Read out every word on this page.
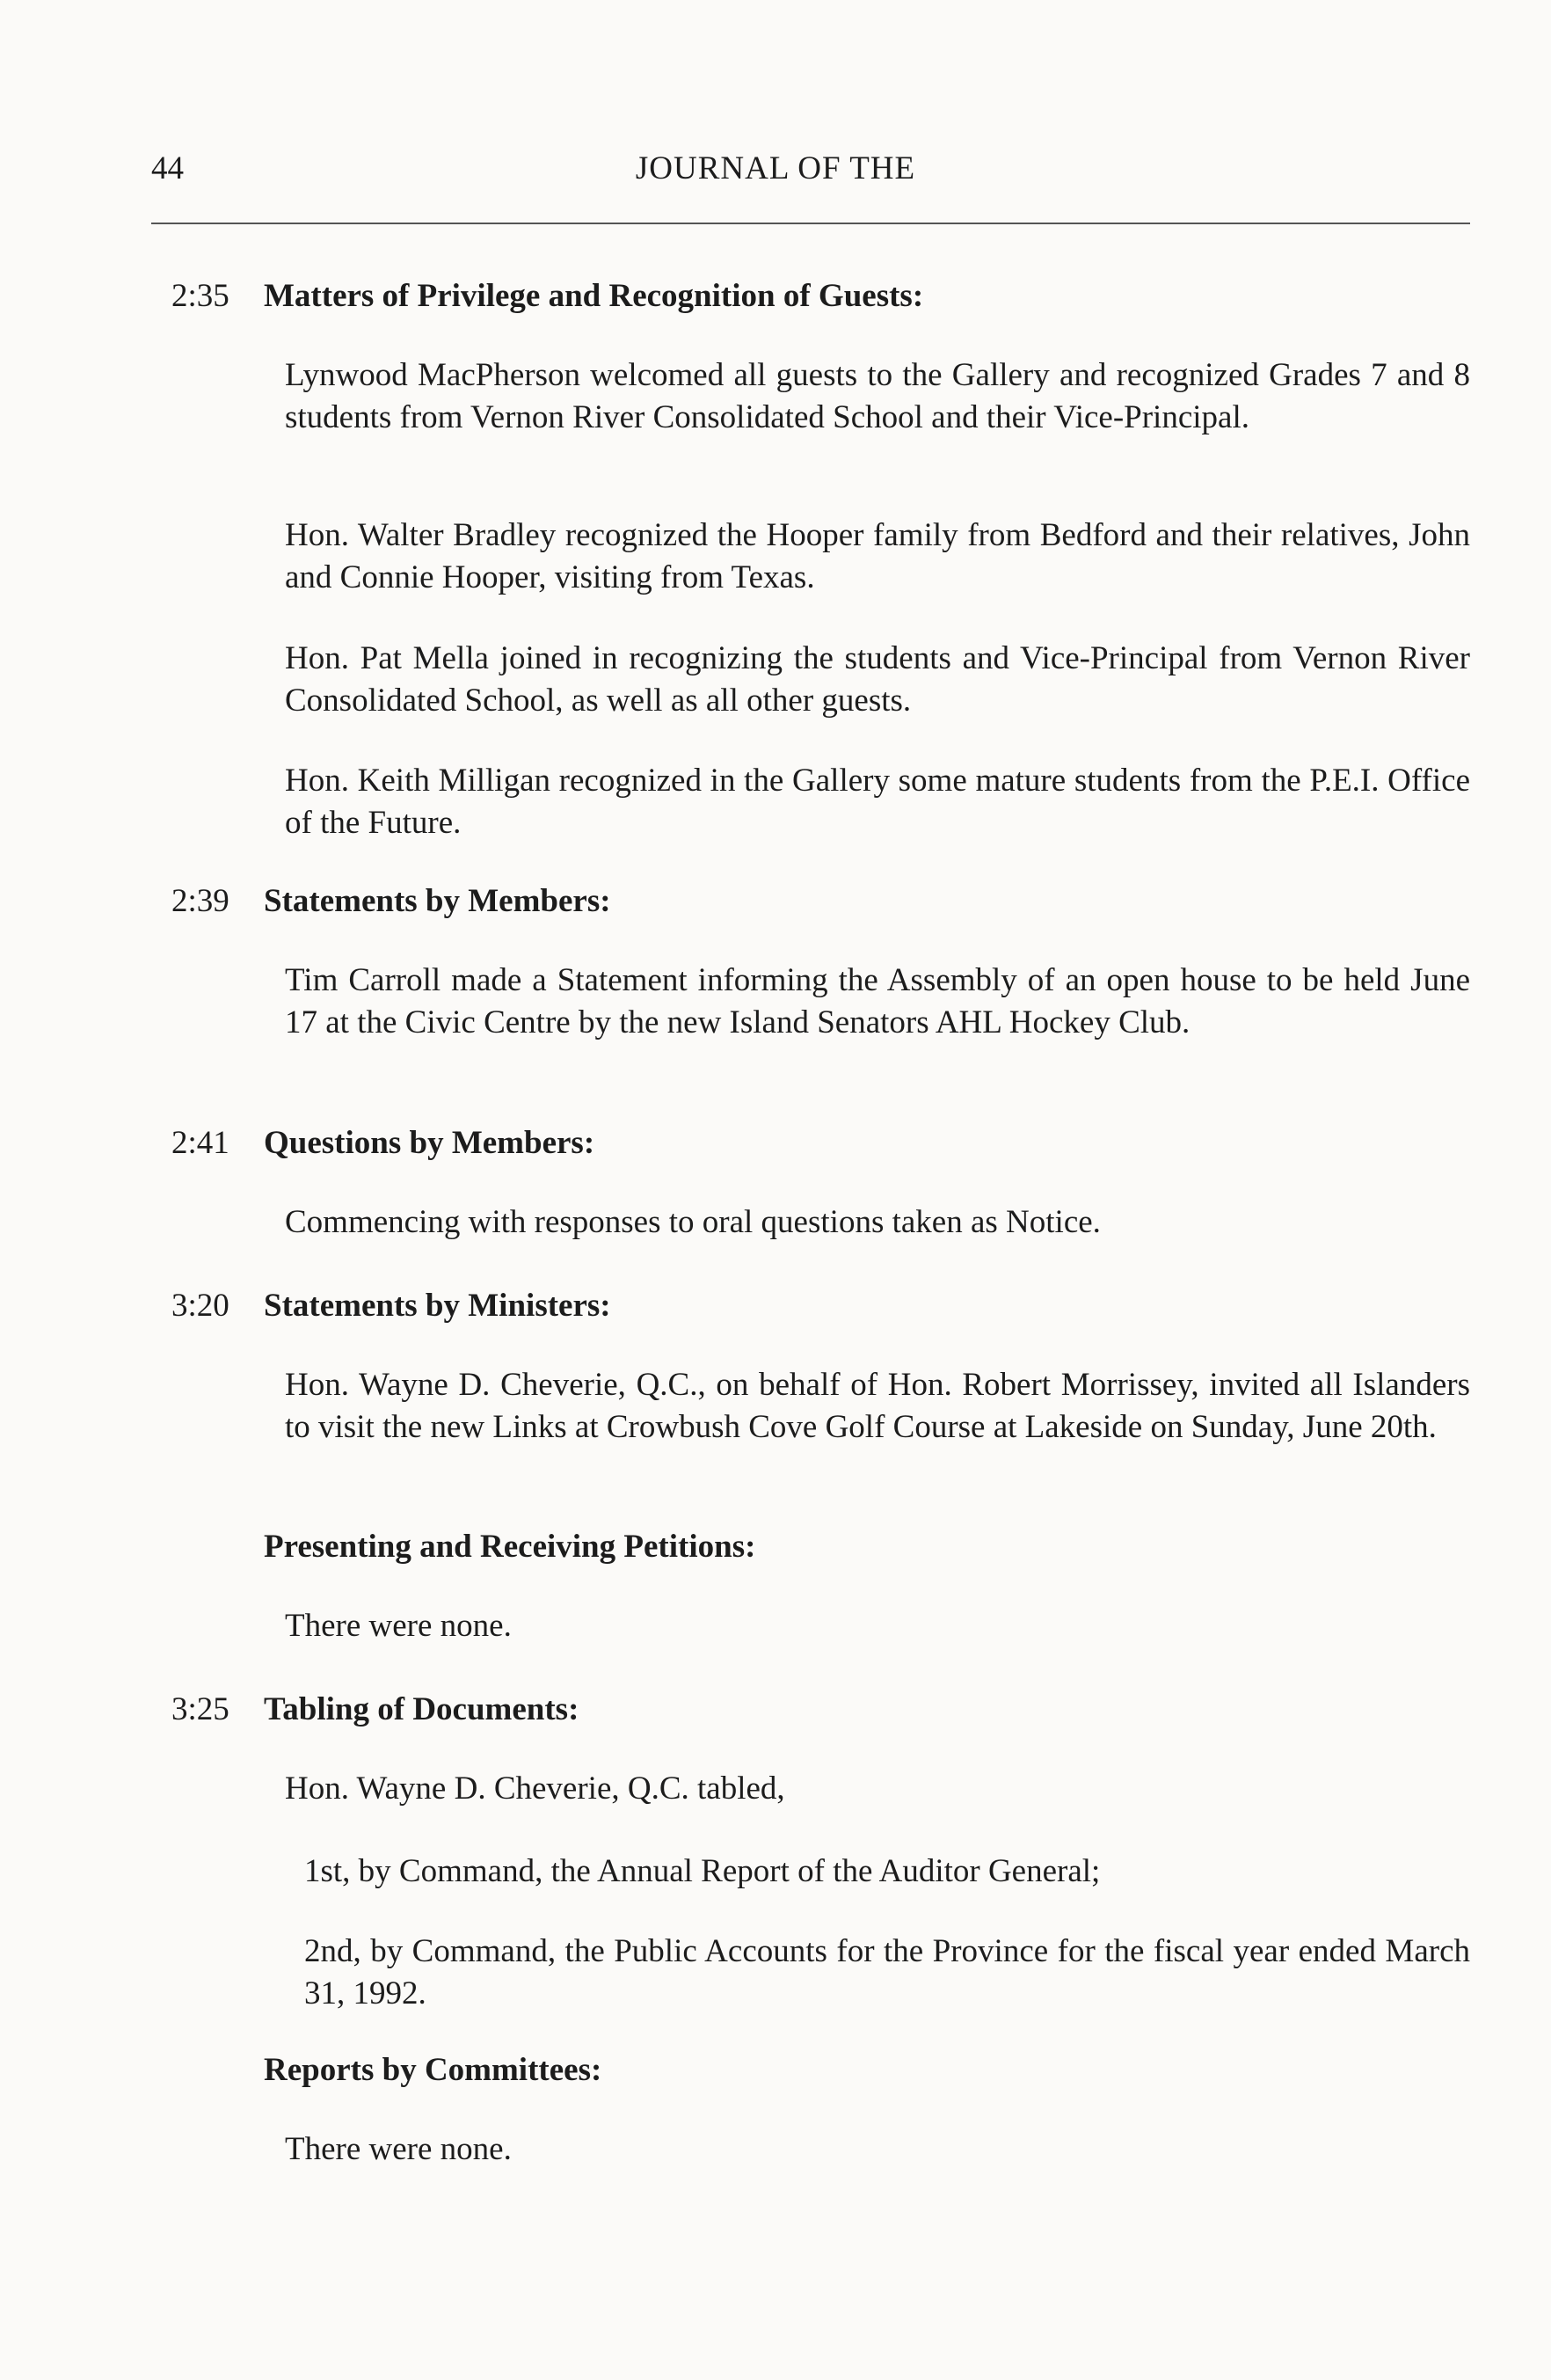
44	JOURNAL OF THE
2:35	Matters of Privilege and Recognition of Guests:

Lynwood MacPherson welcomed all guests to the Gallery and recognized Grades 7 and 8 students from Vernon River Consolidated School and their Vice-Principal.

Hon. Walter Bradley recognized the Hooper family from Bedford and their relatives, John and Connie Hooper, visiting from Texas.

Hon. Pat Mella joined in recognizing the students and Vice-Principal from Vernon River Consolidated School, as well as all other guests.

Hon. Keith Milligan recognized in the Gallery some mature students from the P.E.I. Office of the Future.

2:39	Statements by Members:

Tim Carroll made a Statement informing the Assembly of an open house to be held June 17 at the Civic Centre by the new Island Senators AHL Hockey Club.

2:41	Questions by Members:

Commencing with responses to oral questions taken as Notice.

3:20	Statements by Ministers:

Hon. Wayne D. Cheverie, Q.C., on behalf of Hon. Robert Morrissey, invited all Islanders to visit the new Links at Crowbush Cove Golf Course at Lakeside on Sunday, June 20th.

Presenting and Receiving Petitions:

There were none.

3:25	Tabling of Documents:

Hon. Wayne D. Cheverie, Q.C. tabled,

1st, by Command, the Annual Report of the Auditor General;

2nd, by Command, the Public Accounts for the Province for the fiscal year ended March 31, 1992.

Reports by Committees:

There were none.
